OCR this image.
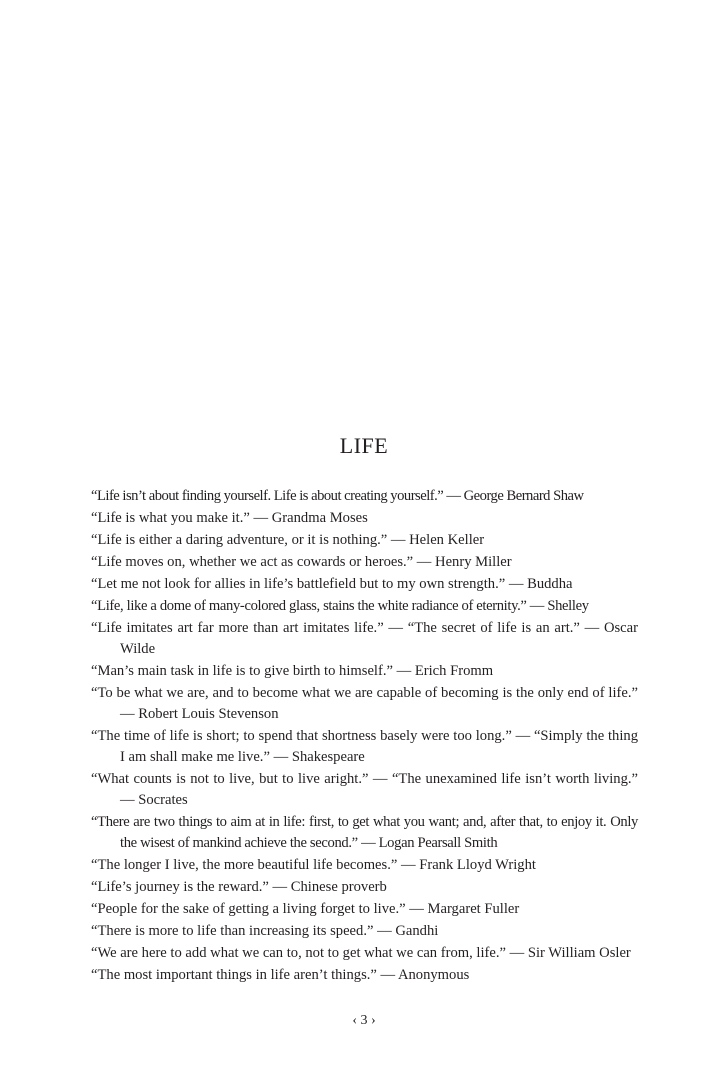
LIFE
“Life isn’t about finding yourself. Life is about creating yourself.” — George Bernard Shaw
“Life is what you make it.” — Grandma Moses
“Life is either a daring adventure, or it is nothing.” — Helen Keller
“Life moves on, whether we act as cowards or heroes.” — Henry Miller
“Let me not look for allies in life’s battlefield but to my own strength.” — Buddha
“Life, like a dome of many-colored glass, stains the white radiance of eternity.” — Shelley
“Life imitates art far more than art imitates life.” — “The secret of life is an art.” — Oscar Wilde
“Man’s main task in life is to give birth to himself.” — Erich Fromm
“To be what we are, and to become what we are capable of becoming is the only end of life.” — Robert Louis Stevenson
“The time of life is short; to spend that shortness basely were too long.” — “Simply the thing I am shall make me live.” — Shakespeare
“What counts is not to live, but to live aright.” — “The unexamined life isn’t worth living.” — Socrates
“There are two things to aim at in life: first, to get what you want; and, after that, to enjoy it. Only the wisest of mankind achieve the second.” — Logan Pearsall Smith
“The longer I live, the more beautiful life becomes.” — Frank Lloyd Wright
“Life’s journey is the reward.” — Chinese proverb
“People for the sake of getting a living forget to live.” — Margaret Fuller
“There is more to life than increasing its speed.” — Gandhi
“We are here to add what we can to, not to get what we can from, life.” — Sir William Osler
“The most important things in life aren’t things.” — Anonymous
‹ 3 ›
